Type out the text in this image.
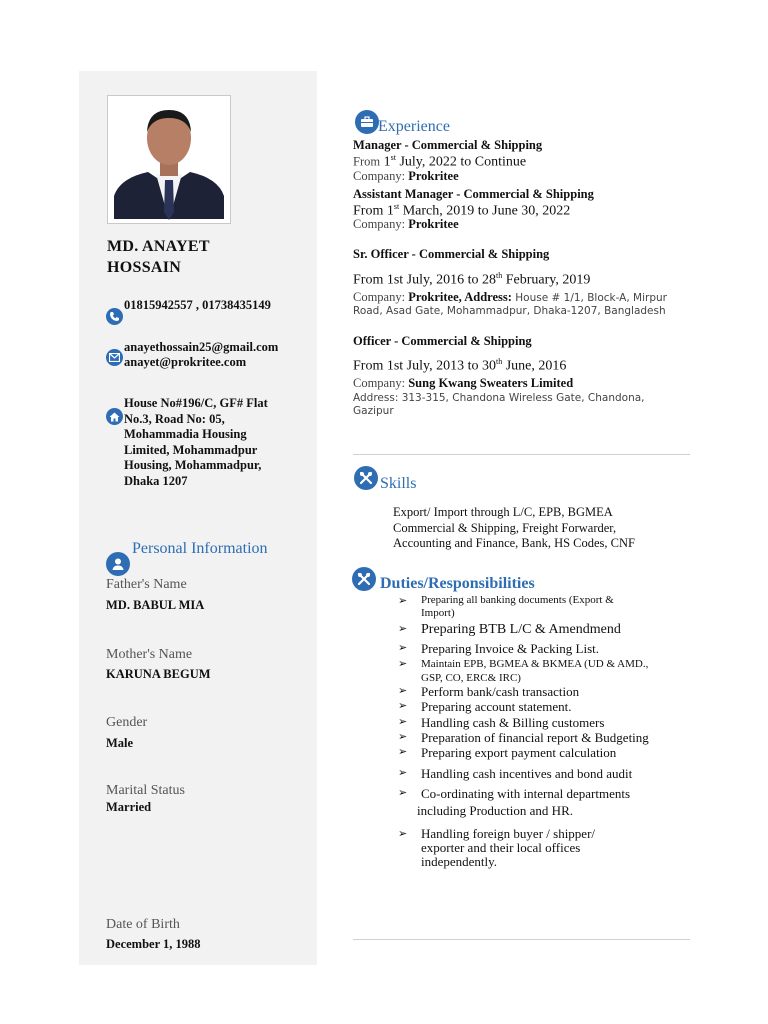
MD. ANAYET
HOSSAIN
01815942557 , 01738435149
anayethossain25@gmail.com
anayet@prokritee.com
House No#196/C, GF# Flat
No.3, Road No: 05,
Mohammadia Housing
Limited, Mohammadpur
Housing, Mohammadpur,
Dhaka 1207
Personal Information
Father's Name
MD. BABUL MIA
Mother's Name
KARUNA BEGUM
Gender
Male
Marital Status
Married
Date of Birth
December 1, 1988
Experience
Manager - Commercial & Shipping
From 1st July, 2022 to Continue
Company: Prokritee
Assistant Manager - Commercial & Shipping
From 1st March, 2019 to June 30, 2022
Company: Prokritee
Sr. Officer - Commercial & Shipping
From 1st July, 2016 to 28th February, 2019
Company: Prokritee, Address: House # 1/1, Block-A, Mirpur
Road, Asad Gate, Mohammadpur, Dhaka-1207, Bangladesh
Officer - Commercial & Shipping
From 1st July, 2013 to 30th June, 2016
Company: Sung Kwang Sweaters Limited
Address: 313-315, Chandona Wireless Gate, Chandona,
Gazipur
Skills
Export/ Import through L/C, EPB, BGMEA
Commercial & Shipping, Freight Forwarder,
Accounting and Finance, Bank, HS Codes, CNF
Duties/Responsibilities
➢ Preparing all banking documents (Export &
Import)
➢ Preparing BTB L/C & Amendmend
➢ Preparing Invoice & Packing List.
➢ Maintain EPB, BGMEA & BKMEA (UD & AMD.,
GSP, CO, ERC& IRC)
➢ Perform bank/cash transaction
➢ Preparing account statement.
➢ Handling cash & Billing customers
➢ Preparation of financial report & Budgeting
➢ Preparing export payment calculation
➢ Handling cash incentives and bond audit
➢ Co-ordinating with internal departments
including Production and HR.
➢ Handling foreign buyer / shipper/
exporter and their local offices
independently.
